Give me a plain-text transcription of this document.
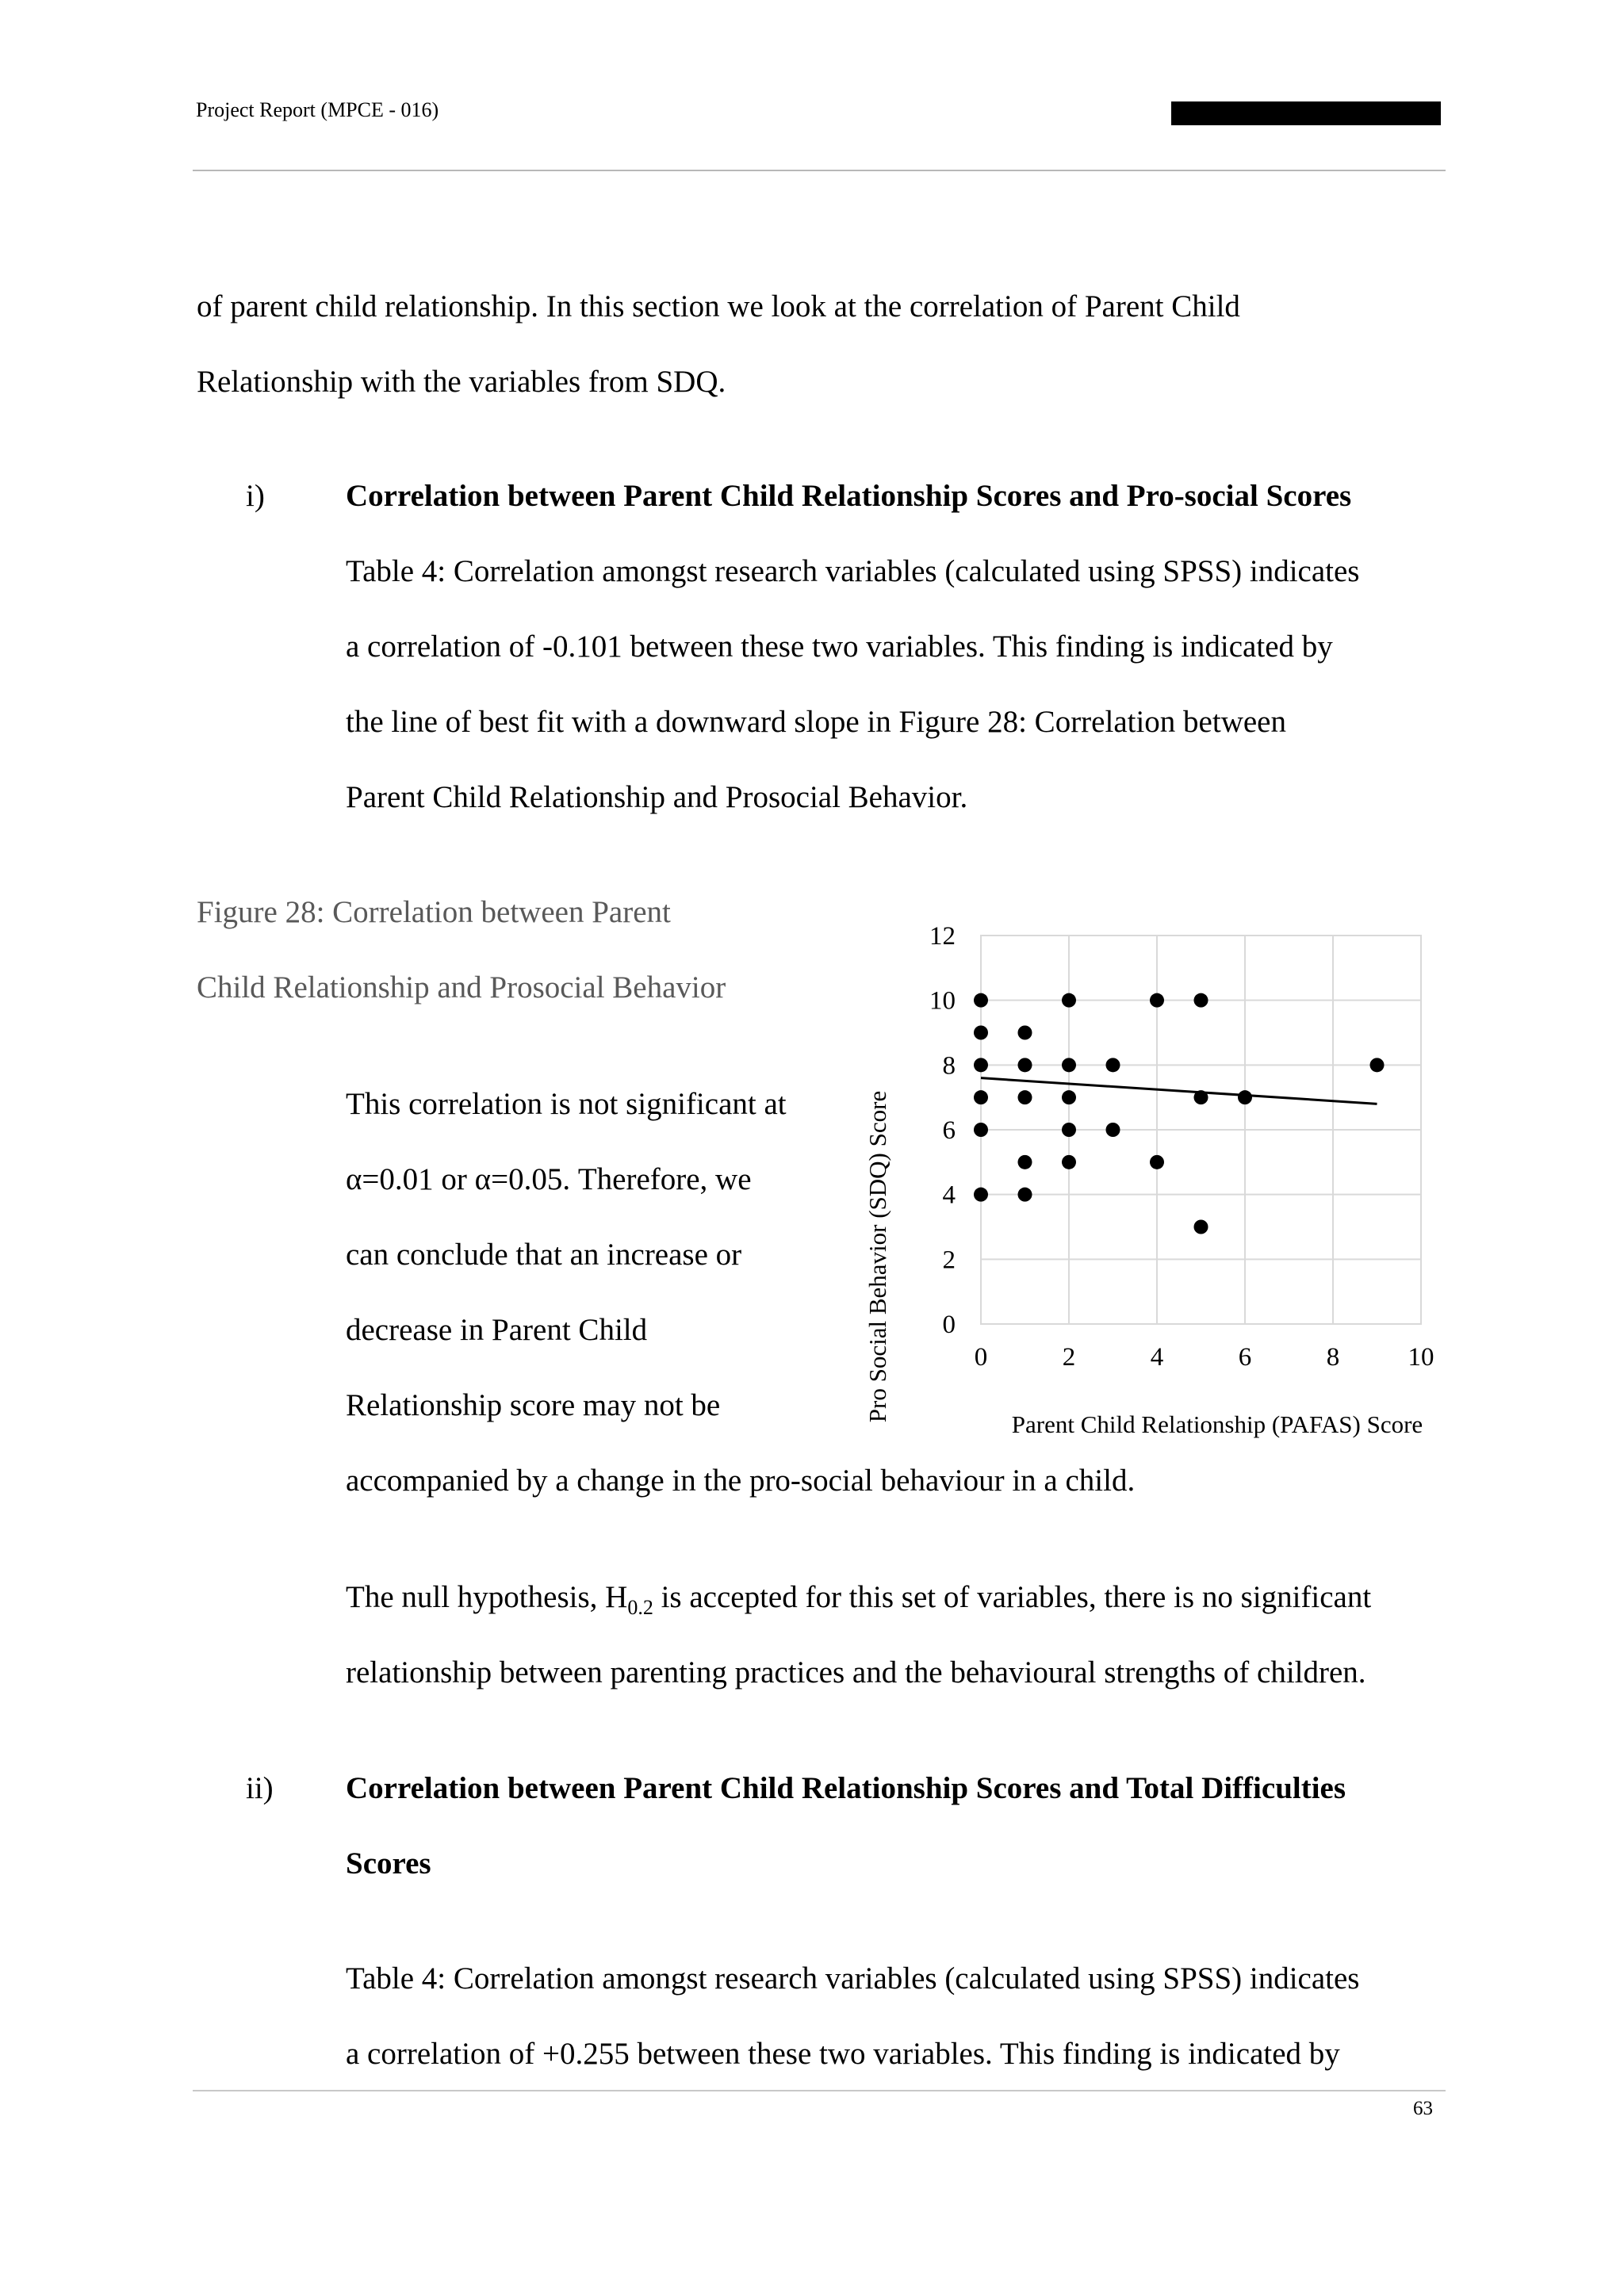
Project Report (MPCE - 016)

of parent child relationship. In this section we look at the correlation of Parent Child

Relationship with the variables from SDQ.

i)	Correlation between Parent Child Relationship Scores and Pro-social Scores

Table 4: Correlation amongst research variables (calculated using SPSS) indicates

a correlation of -0.101 between these two variables. This finding is indicated by

the line of best fit with a downward slope in Figure 28: Correlation between

Parent Child Relationship and Prosocial Behavior.

Figure 28: Correlation between Parent

Child Relationship and Prosocial Behavior

This correlation is not significant at

α=0.01 or α=0.05. Therefore, we

can conclude that an increase or

decrease in Parent Child

Relationship score may not be

accompanied by a change in the pro-social behaviour in a child.

The null hypothesis, $H_{0.2}$ is accepted for this set of variables, there is no significant

relationship between parenting practices and the behavioural strengths of children.

ii) Correlation between Parent Child Relationship Scores and Total Difficulties

Scores

Table 4: Correlation amongst research variables (calculated using SPSS) indicates

a correlation of +0.255 between these two variables. This finding is indicated by

63
0
2
4
6
8
10
12
0	2	4	6	8	10
Pro Social Behavior (SDQ) Score
Parent Child Relationship (PAFAS) Score
